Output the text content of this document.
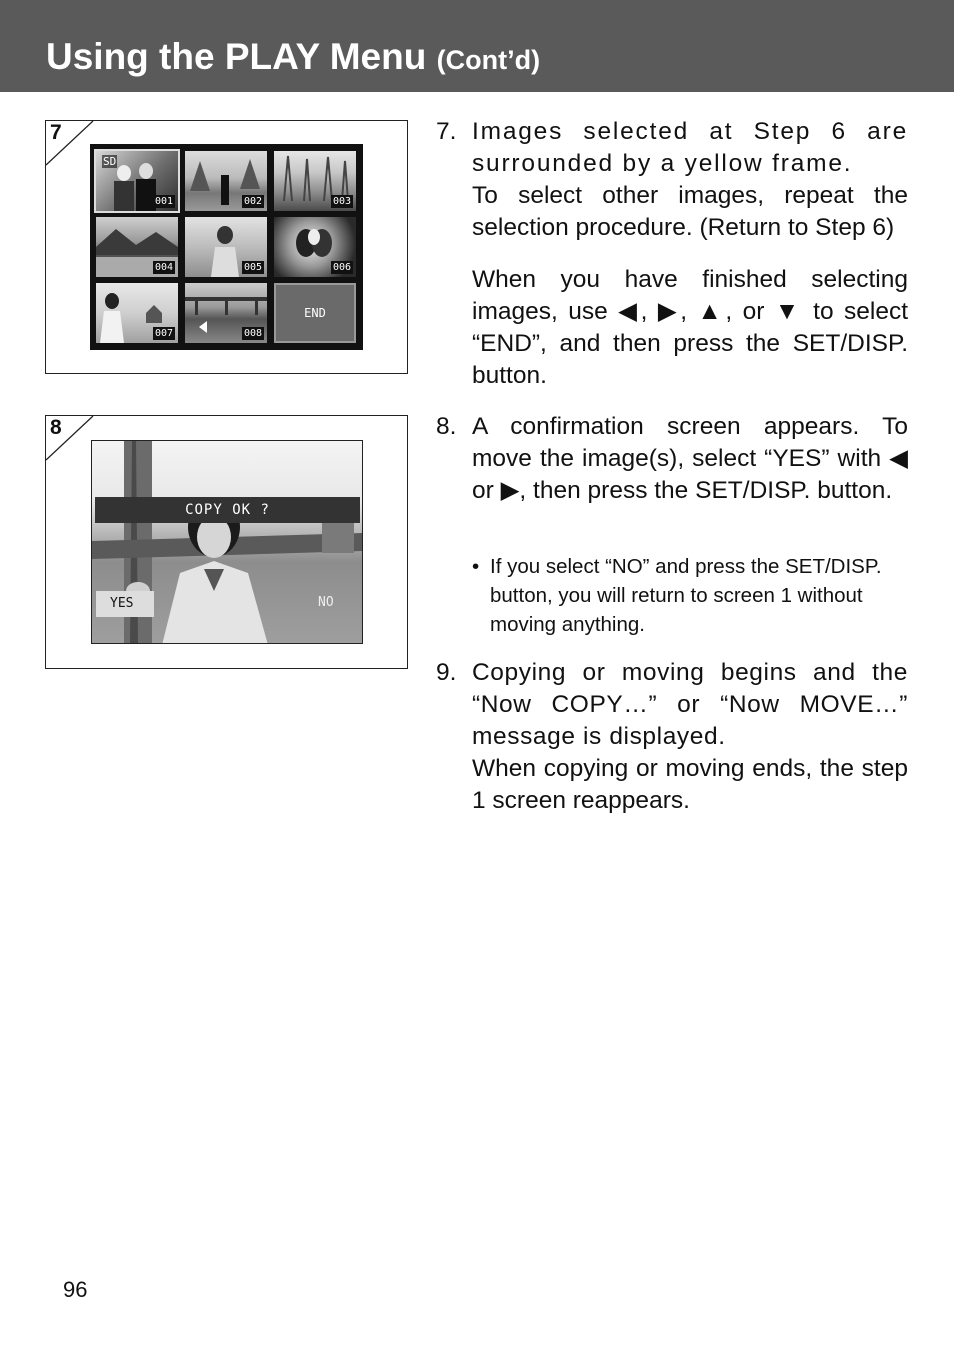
Using the PLAY Menu (Cont’d)
7
SD
001	002	003
004	005	006
007	008
END
8
COPY OK ?
YES	NO
7. Images selected at Step 6 are surrounded by a yellow frame.

To select other images, repeat the selection procedure. (Return to Step 6)

When you have finished selecting images, use ◀, ▶, ▲, or ▼ to select “END”, and then press the SET/DISP. button.

8. A confirmation screen appears. To move the image(s), select “YES” with ◀ or ▶, then press the SET/DISP. button.

• If you select “NO” and press the SET/DISP. button, you will return to screen 1 without moving anything.

9. Copying or moving begins and the “Now COPY…” or “Now MOVE…” message is displayed.

When copying or moving ends, the step 1 screen reappears.

96
